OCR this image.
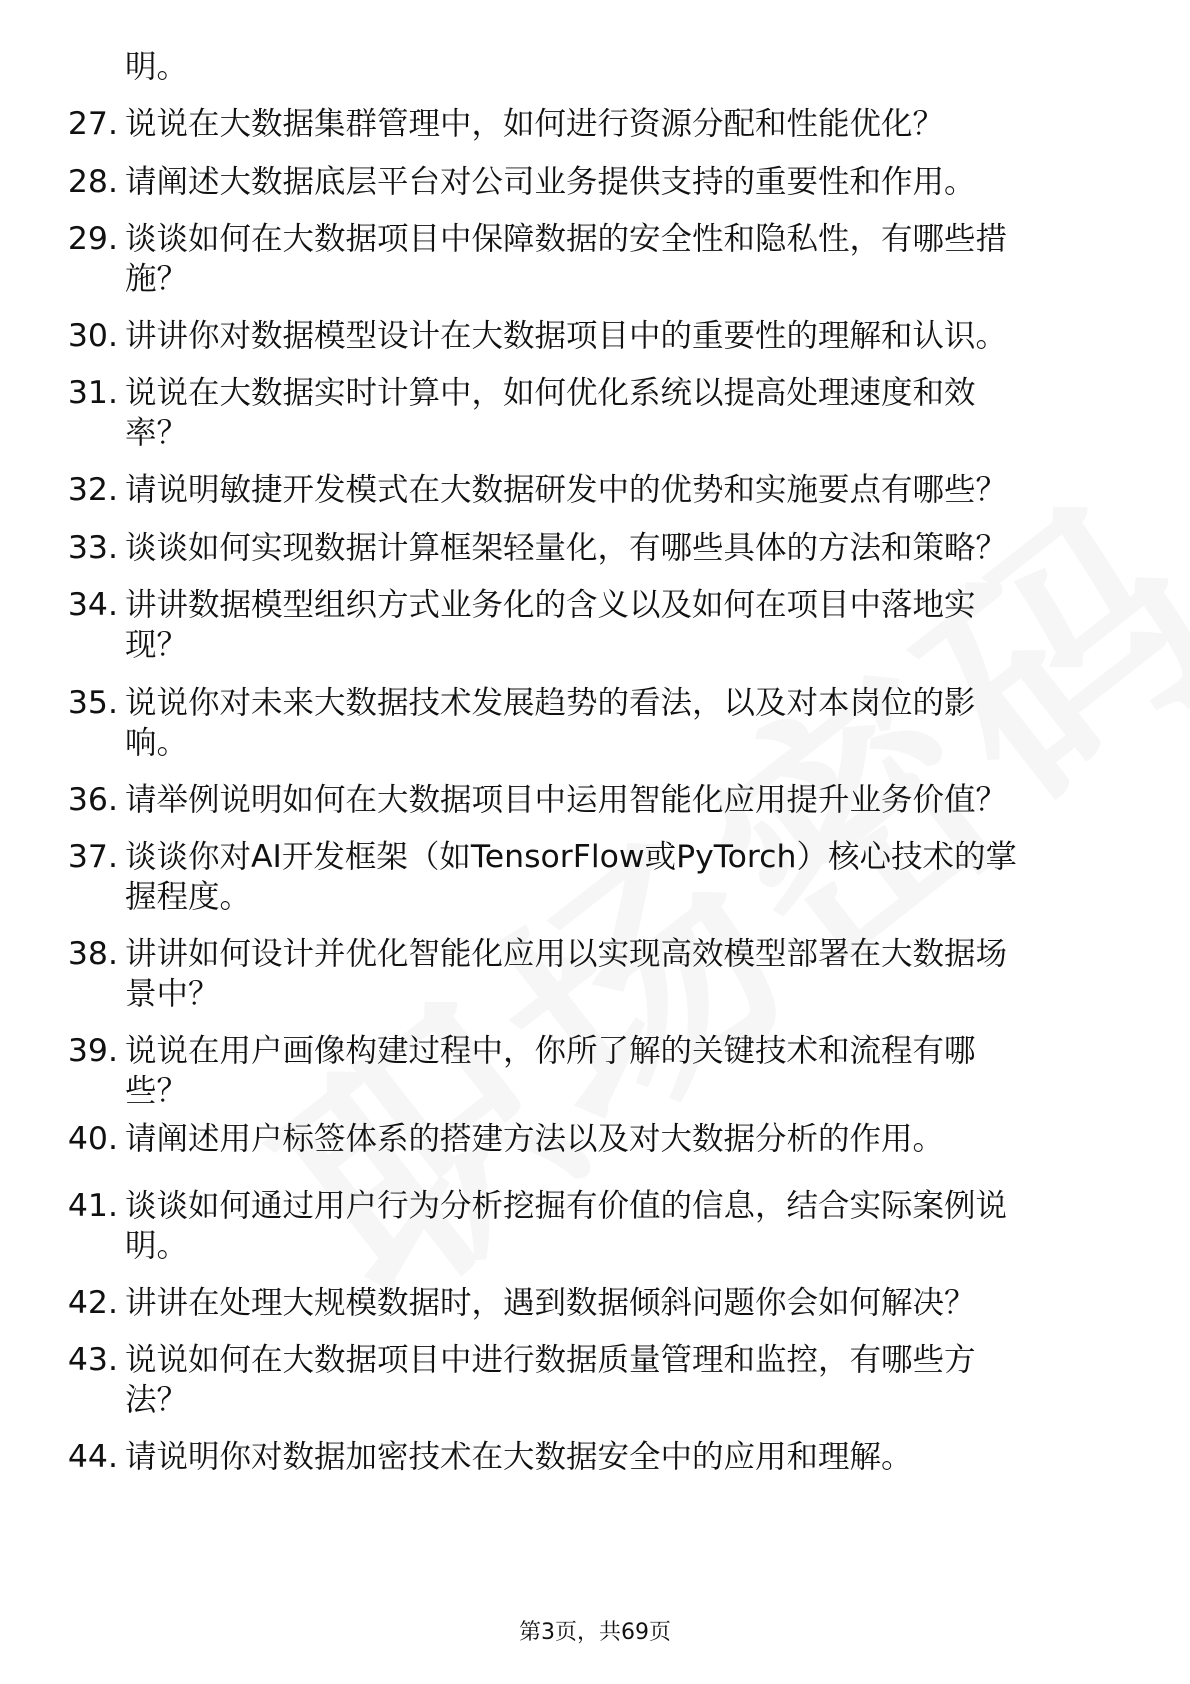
明。
27. 说说在大数据集群管理中，如何进行资源分配和性能优化？
28. 请阐述大数据底层平台对公司业务提供支持的重要性和作用。
29. 谈谈如何在大数据项目中保障数据的安全性和隐私性，有哪些措
施？
30. 讲讲你对数据模型设计在大数据项目中的重要性的理解和认识。
31. 说说在大数据实时计算中，如何优化系统以提高处理速度和效
率？
32. 请说明敏捷开发模式在大数据研发中的优势和实施要点有哪些？
33. 谈谈如何实现数据计算框架轻量化，有哪些具体的方法和策略？
34. 讲讲数据模型组织方式业务化的含义以及如何在项目中落地实
现？
35. 说说你对未来大数据技术发展趋势的看法，以及对本岗位的影
响。
36. 请举例说明如何在大数据项目中运用智能化应用提升业务价值？
37. 谈谈你对AI开发框架（如TensorFlow或PyTorch）核心技术的掌
握程度。
38. 讲讲如何设计并优化智能化应用以实现高效模型部署在大数据场
景中？
39. 说说在用户画像构建过程中，你所了解的关键技术和流程有哪
些？
40. 请阐述用户标签体系的搭建方法以及对大数据分析的作用。
41. 谈谈如何通过用户行为分析挖掘有价值的信息，结合实际案例说
明。
42. 讲讲在处理大规模数据时，遇到数据倾斜问题你会如何解决？
43. 说说如何在大数据项目中进行数据质量管理和监控，有哪些方
法？
44. 请说明你对数据加密技术在大数据安全中的应用和理解。
第3页，共69页
